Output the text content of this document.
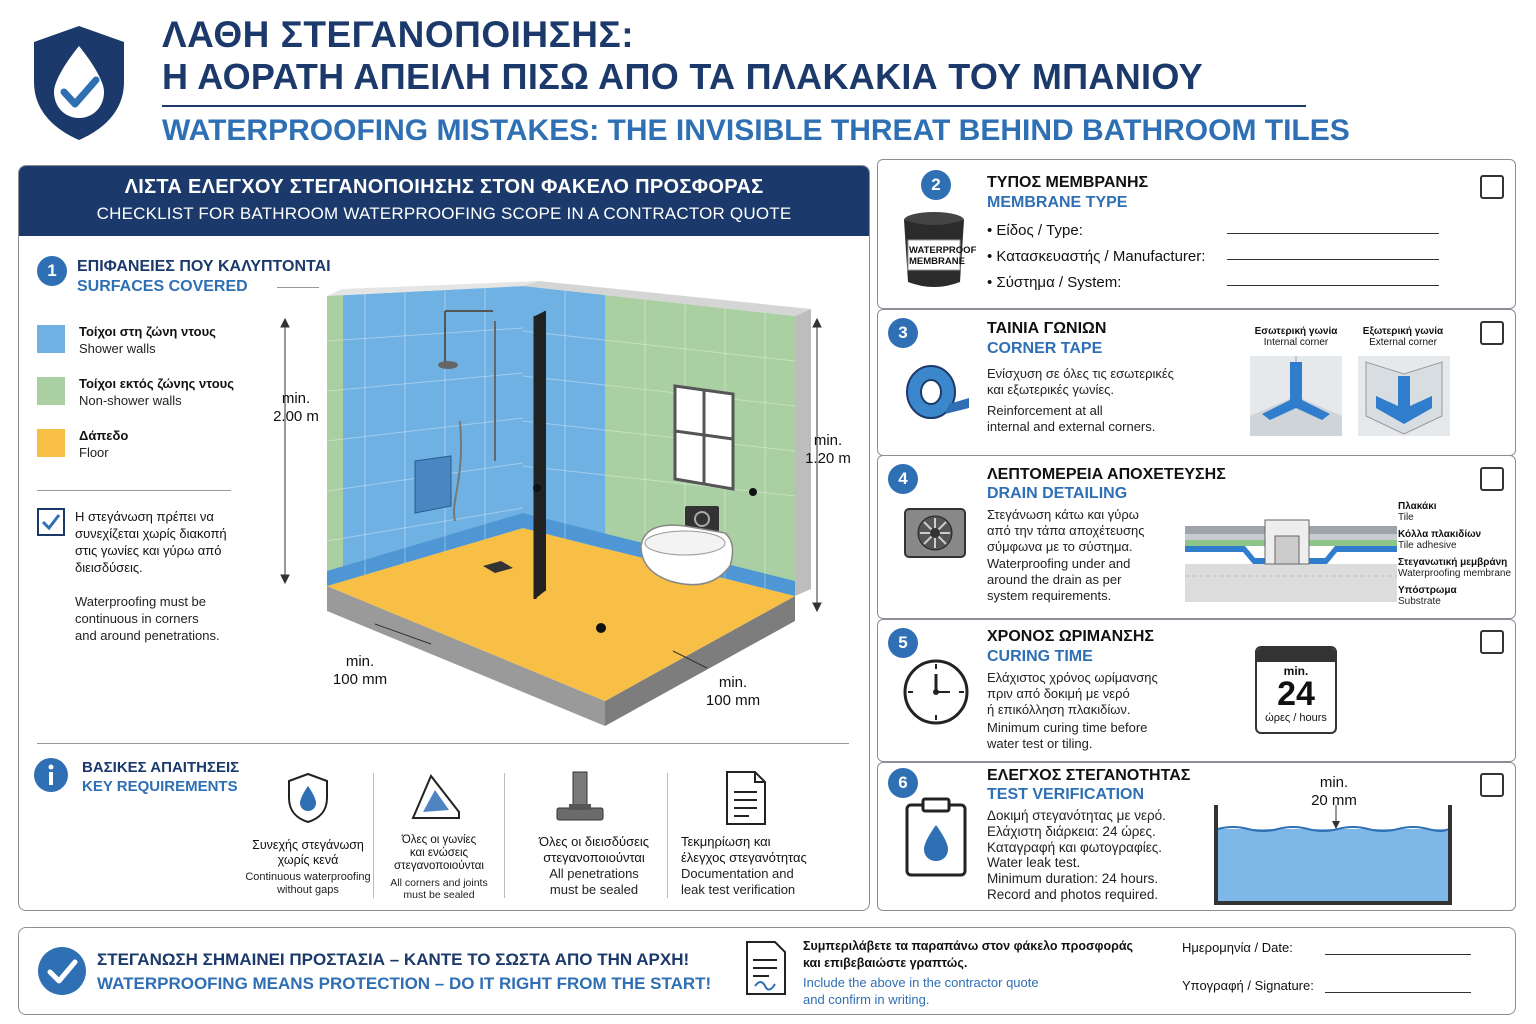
ΛΑΘΗ ΣΤΕΓΑΝΟΠΟΙΗΣΗΣ:
Η ΑΟΡΑΤΗ ΑΠΕΙΛΗ ΠΙΣΩ ΑΠΟ ΤΑ ΠΛΑΚΑΚΙΑ ΤΟΥ ΜΠΑΝΙΟΥ
WATERPROOFING MISTAKES: THE INVISIBLE THREAT BEHIND BATHROOM TILES
ΛΙΣΤΑ ΕΛΕΓΧΟΥ ΣΤΕΓΑΝΟΠΟΙΗΣΗΣ ΣΤΟΝ ΦΑΚΕΛΟ ΠΡΟΣΦΟΡΑΣ
CHECKLIST FOR BATHROOM WATERPROOFING SCOPE IN A CONTRACTOR QUOTE
1	ΕΠΙΦΑΝΕΙΕΣ ΠΟΥ ΚΑΛΥΠΤΟΝΤΑΙ
SURFACES COVERED
Τοίχοι στη ζώνη ντους
Shower walls
Τοίχοι εκτός ζώνης ντους
Non-shower walls
Δάπεδο
Floor
Η στεγάνωση πρέπει να
συνεχίζεται χωρίς διακοπή
στις γωνίες και γύρω από
διεισδύσεις.
Waterproofing must be
continuous in corners
and around penetrations.
min.
2.00 m
min.
1.20 m
min.
100 mm	min.
100 mm
ΒΑΣΙΚΕΣ ΑΠΑΙΤΗΣΕΙΣ
KEY REQUIREMENTS
Συνεχής στεγάνωση
χωρίς κενά
Continuous waterproofing
without gaps
Όλες οι γωνίες
και ενώσεις
στεγανοποιούνται
All corners and joints
must be sealed
Όλες οι διεισδύσεις
στεγανοποιούνται
All penetrations
must be sealed
Τεκμηρίωση και
έλεγχος στεγανότητας
Documentation and
leak test verification
2
WATERPROOF
MEMBRANE
ΤΥΠΟΣ ΜΕΜΒΡΑΝΗΣ
MEMBRANE TYPE
• Είδος / Type:
• Κατασκευαστής / Manufacturer:
• Σύστημα / System:
3	ΤΑΙΝΙΑ ΓΩΝΙΩΝ
CORNER TAPE
Ενίσχυση σε όλες τις εσωτερικές
και εξωτερικές γωνίες.
Reinforcement at all
internal and external corners.
Εσωτερική γωνία
Internal corner
Εξωτερική γωνία
External corner
4	ΛΕΠΤΟΜΕΡΕΙΑ ΑΠΟΧΕΤΕΥΣΗΣ
DRAIN DETAILING
Στεγάνωση κάτω και γύρω
από την τάπα αποχέτευσης
σύμφωνα με το σύστημα.
Waterproofing under and
around the drain as per
system requirements.
Πλακάκι
Tile
Κόλλα πλακιδίων
Tile adhesive
Στεγανωτική μεμβράνη
Waterproofing membrane
Υπόστρωμα
Substrate
5	ΧΡΟΝΟΣ ΩΡΙΜΑΝΣΗΣ
CURING TIME
Ελάχιστος χρόνος ωρίμανσης
πριν από δοκιμή με νερό
ή επικόλληση πλακιδίων.
Minimum curing time before
water test or tiling.
min.
24
ώρες / hours
6	ΕΛΕΓΧΟΣ ΣΤΕΓΑΝΟΤΗΤΑΣ
TEST VERIFICATION
Δοκιμή στεγανότητας με νερό.
Ελάχιστη διάρκεια: 24 ώρες.
Καταγραφή και φωτογραφίες.
Water leak test.
Minimum duration: 24 hours.
Record and photos required.
min.
20 mm
ΣΤΕΓΑΝΩΣΗ ΣΗΜΑΙΝΕΙ ΠΡΟΣΤΑΣΙΑ – ΚΑΝΤΕ ΤΟ ΣΩΣΤΑ ΑΠΟ ΤΗΝ ΑΡΧΗ!
WATERPROOFING MEANS PROTECTION – DO IT RIGHT FROM THE START!
Συμπεριλάβετε τα παραπάνω στον φάκελο προσφοράς
και επιβεβαιώστε γραπτώς.
Include the above in the contractor quote
and confirm in writing.
Ημερομηνία / Date:
Υπογραφή / Signature:
